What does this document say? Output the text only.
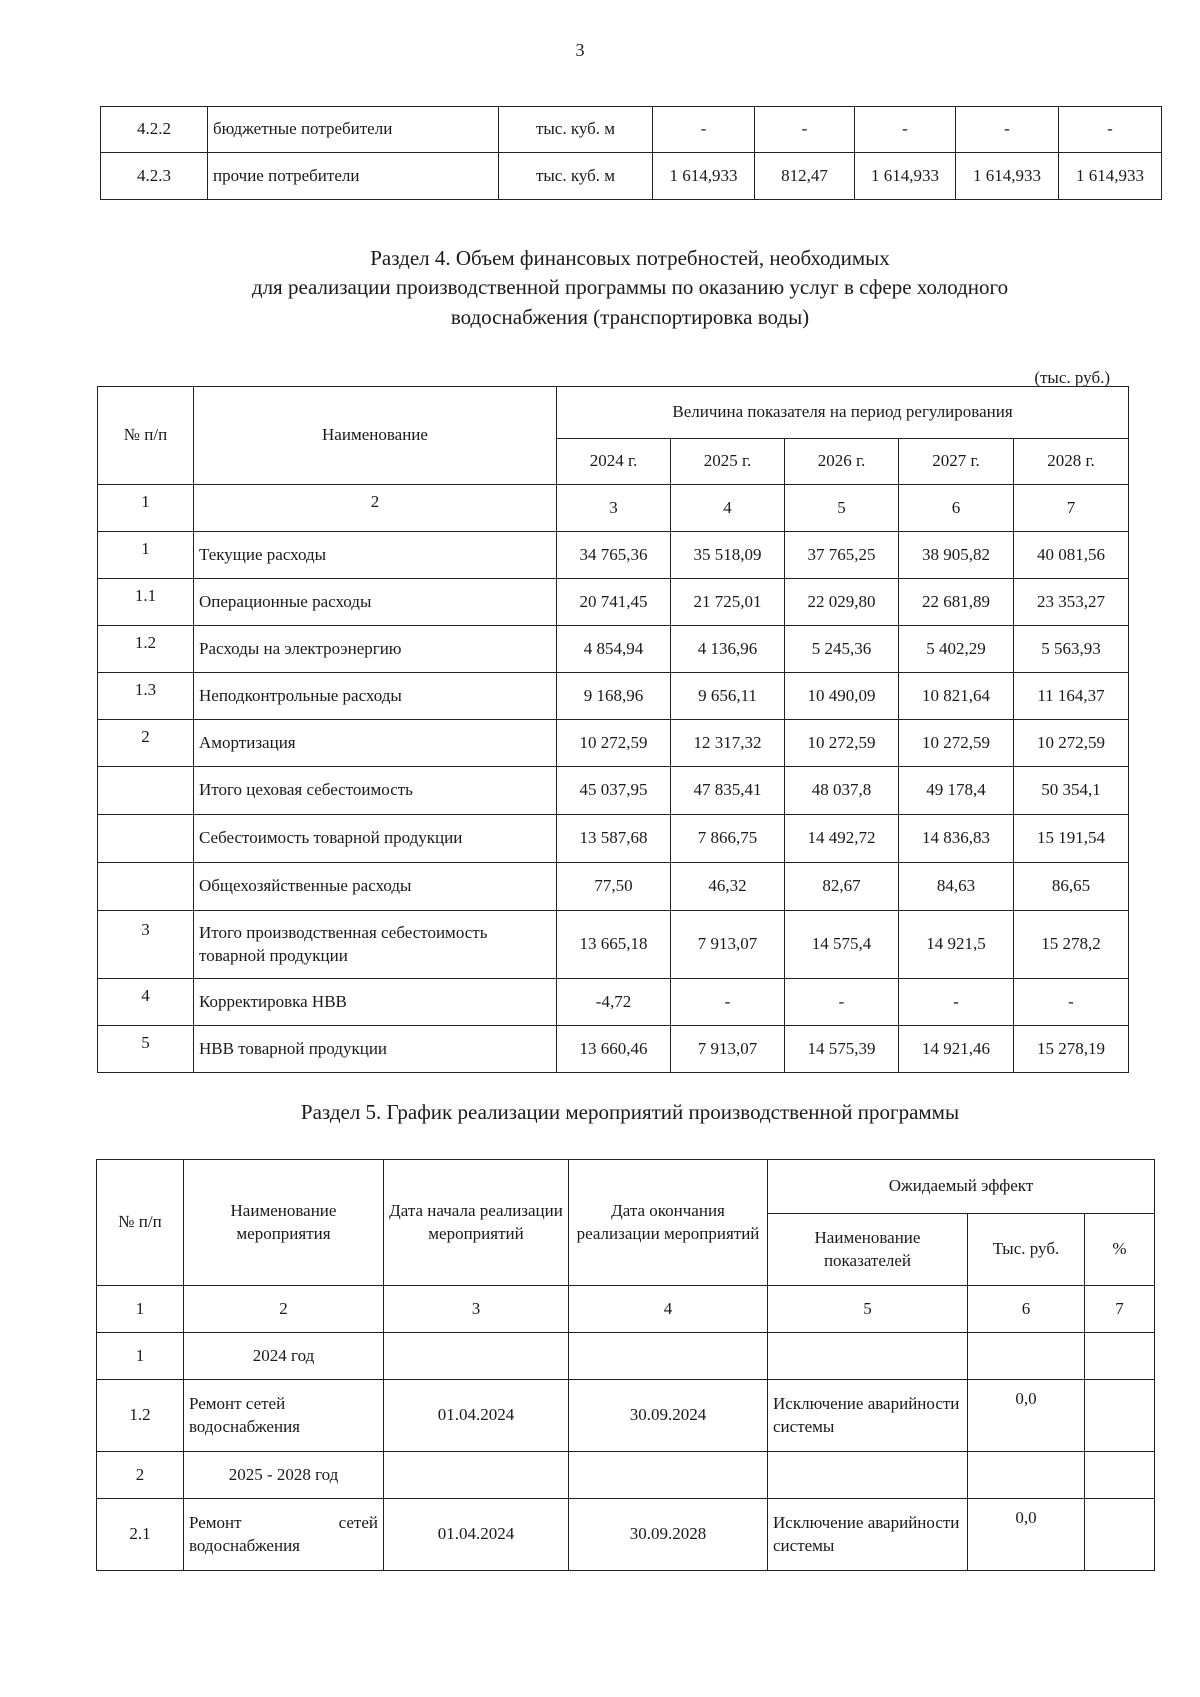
3
4.2.2	бюджетные потребители	тыс. куб. м	-	-	-	-	-
4.2.3	прочие потребители	тыс. куб. м	1 614,933	812,47	1 614,933	1 614,933	1 614,933
Раздел 4. Объем финансовых потребностей, необходимых
для реализации производственной программы по оказанию услуг в сфере холодного
водоснабжения (транспортировка воды)
(тыс. руб.)
№ п/п	Наименование	Величина показателя на период регулирования				
		2024 г.	2025 г.	2026 г.	2027 г.	2028 г.
1	2	3	4	5	6	7
1	Текущие расходы	34 765,36	35 518,09	37 765,25	38 905,82	40 081,56
1.1	Операционные расходы	20 741,45	21 725,01	22 029,80	22 681,89	23 353,27
1.2	Расходы на электроэнергию	4 854,94	4 136,96	5 245,36	5 402,29	5 563,93
1.3	Неподконтрольные расходы	9 168,96	9 656,11	10 490,09	10 821,64	11 164,37
2	Амортизация	10 272,59	12 317,32	10 272,59	10 272,59	10 272,59
	Итого цеховая себестоимость	45 037,95	47 835,41	48 037,8	49 178,4	50 354,1
	Себестоимость товарной продукции	13 587,68	7 866,75	14 492,72	14 836,83	15 191,54
	Общехозяйственные расходы	77,50	46,32	82,67	84,63	86,65
3	Итого производственная себестоимость товарной продукции	13 665,18	7 913,07	14 575,4	14 921,5	15 278,2
4	Корректировка НВВ	-4,72	-	-	-	-
5	НВВ товарной продукции	13 660,46	7 913,07	14 575,39	14 921,46	15 278,19
Раздел 5. График реализации мероприятий производственной программы
№ п/п	Наименование мероприятия	Дата начала реализации мероприятий	Дата окончания реализации мероприятий	Ожидаемый эффект		
				Наименование показателей	Тыс. руб.	%
1	2	3	4	5	6	7
1	2024 год					
1.2	Ремонт сетей водоснабжения	01.04.2024	30.09.2024	Исключение аварийности системы	0,0	
2	2025 - 2028 год					
2.1	Ремонт сетей водоснабжения	01.04.2024	30.09.2028	Исключение аварийности системы	0,0	
